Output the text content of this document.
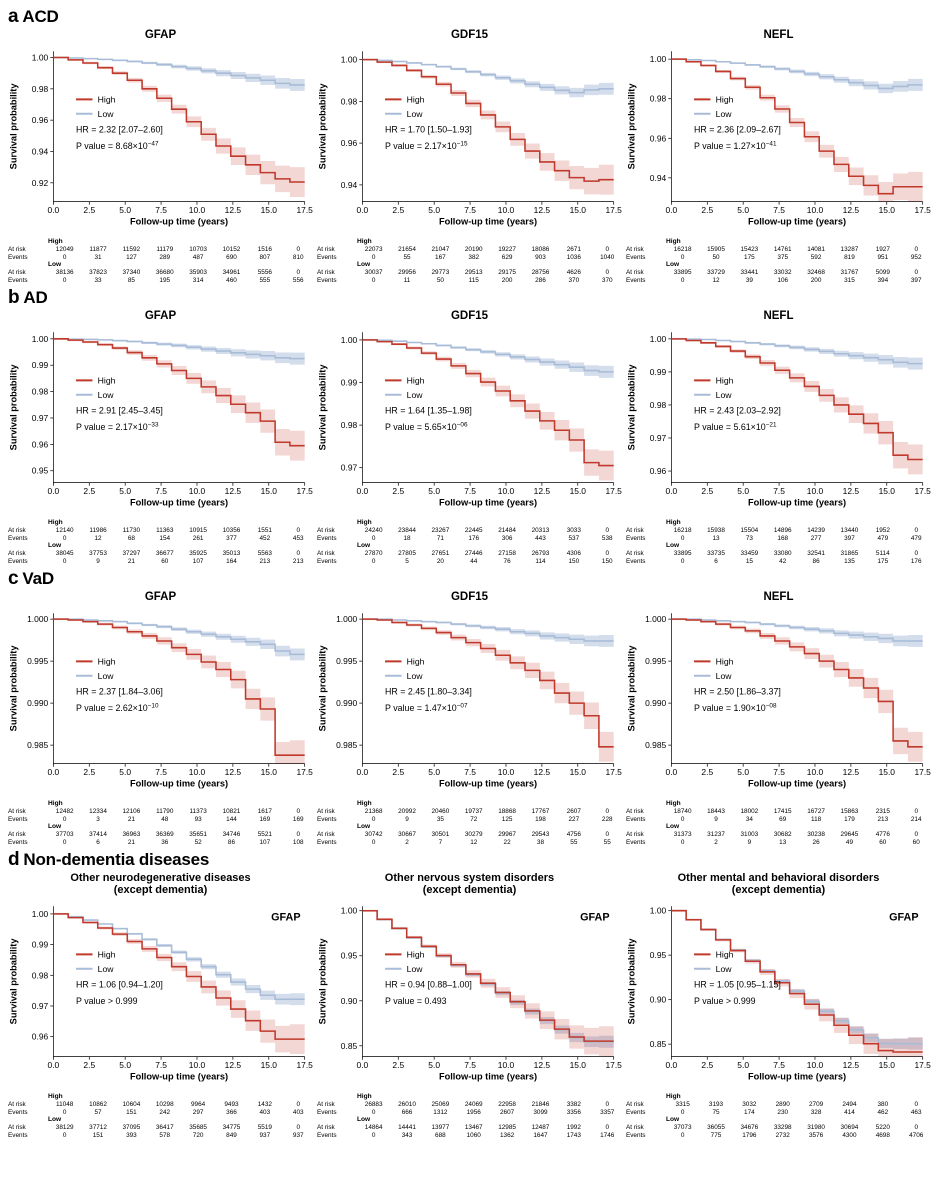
a ACD
GFAP
0.0	2.5	5.0	7.5	10.0 12.5 15.0 17.5
0.92
0.94
0.96
0.98
1.00
Follow-up time (years)
Survival probability	High
Low
HR = 2.32 [2.07–2.60]
P value = $8.68\times 10^{-47}$
	High							
At risk	12049	11877	11592	11179	10703	10152	1516	0
Events	0	31	127	289	487	690	807	810
	Low							
At risk	38136	37823	37340	36680	35903	34961	5556	0
Events	0	33	85	195	314	460	555	556
GDF15
0.0	2.5	5.0	7.5	10.0 12.5 15.0 17.5
0.94
0.96
0.98
1.00
Follow-up time (years)
Survival probability	High
Low
HR = 1.70 [1.50–1.93]
P value = $2.17\times 10^{-15}$
	High							
At risk	22073	21654	21047	20190	19227	18086	2671	0
Events	0	55	167	382	629	903	1036	1040
	Low							
At risk	30037	29956	29773	29513	29175	28756	4626	0
Events	0	11	50	115	200	286	370	370
NEFL
0.0	2.5	5.0	7.5	10.0 12.5 15.0 17.5
0.94
0.96
0.98
1.00
Follow-up time (years)
Survival probability	High
Low
HR = 2.36 [2.09–2.67]
P value = $1.27\times 10^{-41}$
	High							
At risk	16218	15905	15423	14761	14081	13287	1927	0
Events	0	50	175	375	592	819	951	952
	Low							
At risk	33895	33729	33441	33032	32468	31767	5099	0
Events	0	12	39	106	200	315	394	397
b AD
GFAP
0.0	2.5	5.0	7.5	10.0 12.5 15.0 17.5
0.95
0.96
0.97
0.98
0.99
1.00
Follow-up time (years)
Survival probability	High
Low
HR = 2.91 [2.45–3.45]
P value = $2.17\times 10^{-33}$
	High							
At risk	12140	11986	11730	11363	10915	10356	1551	0
Events	0	12	68	154	261	377	452	453
	Low							
At risk	38045	37753	37297	36677	35925	35013	5563	0
Events	0	9	21	60	107	164	213	213
GDF15
0.0	2.5	5.0	7.5	10.0 12.5 15.0 17.5
0.97
0.98
0.99
1.00
Follow-up time (years)
Survival probability	High
Low
HR = 1.64 [1.35–1.98]
P value = $5.65\times 10^{-06}$
	High							
At risk	24240	23844	23267	22445	21484	20313	3033	0
Events	0	18	71	176	306	443	537	538
	Low							
At risk	27870	27805	27651	27446	27158	26793	4306	0
Events	0	5	20	44	76	114	150	150
NEFL
0.0	2.5	5.0	7.5	10.0 12.5 15.0 17.5
0.96
0.97
0.98
0.99
1.00
Follow-up time (years)
Survival probability	High
Low
HR = 2.43 [2.03–2.92]
P value = $5.61\times 10^{-21}$
	High							
At risk	16218	15938	15504	14896	14239	13440	1952	0
Events	0	13	73	168	277	397	479	479
	Low							
At risk	33895	33735	33459	33080	32541	31865	5114	0
Events	0	6	15	42	86	135	175	176
c VaD
GFAP
0.0	2.5	5.0	7.5	10.0 12.5 15.0 17.5
0.985
0.990
0.995
1.000
Follow-up time (years)
Survival probability	High
Low
HR = 2.37 [1.84–3.06]
P value = $2.62\times 10^{-10}$
	High							
At risk	12482	12334	12106	11790	11373	10821	1617	0
Events	0	3	21	48	93	144	169	169
	Low							
At risk	37703	37414	36963	36369	35651	34746	5521	0
Events	0	6	21	36	52	86	107	108
GDF15
0.0	2.5	5.0	7.5	10.0 12.5 15.0 17.5
0.985
0.990
0.995
1.000
Follow-up time (years)
Survival probability	High
Low
HR = 2.45 [1.80–3.34]
P value = $1.47\times 10^{-07}$
	High							
At risk	21368	20992	20460	19737	18868	17767	2607	0
Events	0	9	35	72	125	198	227	228
	Low							
At risk	30742	30667	30501	30279	29967	29543	4756	0
Events	0	2	7	12	22	38	55	55
NEFL
0.0	2.5	5.0	7.5	10.0 12.5 15.0 17.5
0.985
0.990
0.995
1.000
Follow-up time (years)
Survival probability	High
Low
HR = 2.50 [1.86–3.37]
P value = $1.90\times 10^{-08}$
	High							
At risk	18740	18443	18002	17415	16727	15863	2315	0
Events	0	9	34	69	118	179	213	214
	Low							
At risk	31373	31237	31003	30682	30238	29645	4776	0
Events	0	2	9	13	26	49	60	60
d Non-dementia diseases
Other neurodegenerative diseases
(except dementia)
0.0	2.5	5.0	7.5	10.0 12.5 15.0 17.5
0.96
0.97
0.98
0.99
1.00
Follow-up time (years)
Survival probability
GFAP
High
Low
HR = 1.06 [0.94–1.20]
P value > 0.999
	High							
At risk	11048	10862	10604	10298	9964	9493	1432	0
Events	0	57	151	242	297	366	403	403
	Low							
At risk	38129	37712	37095	36417	35685	34775	5519	0
Events	0	151	393	578	720	849	937	937
Other nervous system disorders
(except dementia)
0.0	2.5	5.0	7.5	10.0 12.5 15.0 17.5
0.85
0.90
0.95
1.00
Follow-up time (years)
Survival probability
GFAP
High
Low
HR = 0.94 [0.88–1.00]
P value = 0.493
	High							
At risk	26883	26010	25069	24069	22958	21846	3382	0
Events	0	666	1312	1956	2607	3099	3356	3357
	Low							
At risk	14864	14441	13977	13467	12985	12487	1992	0
Events	0	343	688	1060	1362	1647	1743	1746
Other mental and behavioral disorders
(except dementia)
0.0	2.5	5.0	7.5	10.0 12.5 15.0 17.5
0.85
0.90
0.95
1.00
Follow-up time (years)
Survival probability
GFAP
High
Low
HR = 1.05 [0.95–1.15]
P value > 0.999
	High							
At risk	3315	3193	3032	2890	2709	2494	380	0
Events	0	75	174	230	328	414	462	463
	Low							
At risk	37073	36055	34676	33298	31980	30694	5220	0
Events	0	775	1796	2732	3576	4300	4698	4706
